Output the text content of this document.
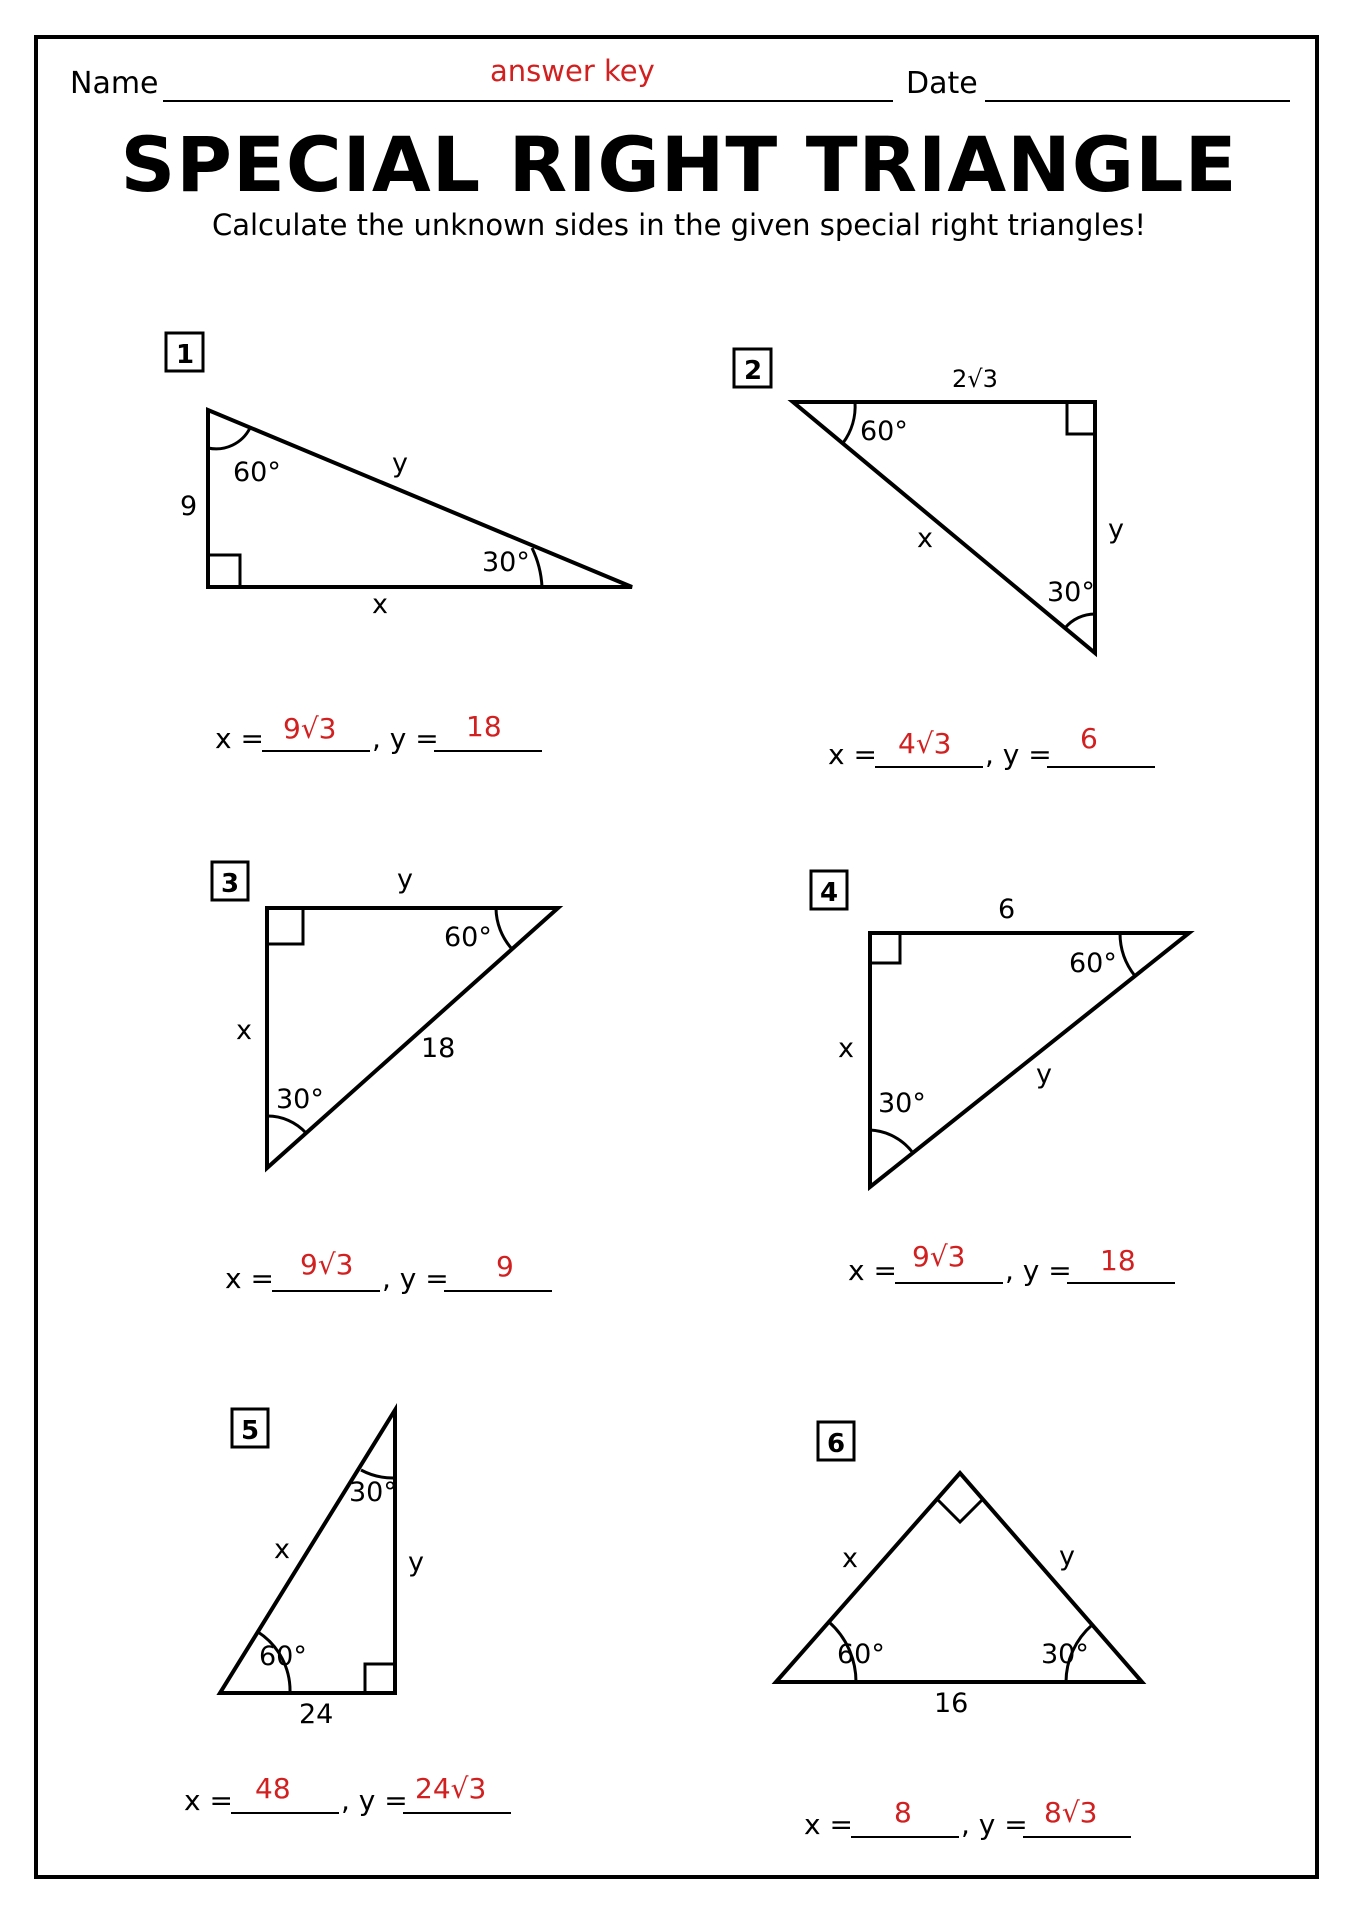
Name	answer key	Date
SPECIAL RIGHT TRIANGLE
Calculate the unknown sides in the given special right triangles!
1
2
3	4
5	6
9
y
x
60°
30°
2√3
60°
x	y
30°
y
60°
x
18
30°
6
60°
x
y
30°
30°
x	y
60°
24
x	y
60°	30°
16
x = 9√3 , y = 18
x = 4√3 , y = 6
x = 9√3 , y = 9	x = 9√3 , y = 18
x = 48 , y = 24√3
x = 8 , y = 8√3
